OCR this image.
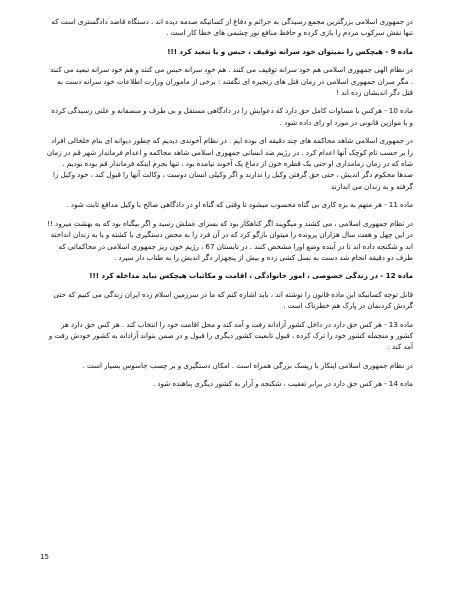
در جمهوری اسلامی بزرگترین مجمع رسیدگی به جرائم و دفاع از کسانیکه صدمه دیده اند ، دستگاه قاضد دادگستری است که تنها نقش سرکوب مردم را بازی کرده و حافظ منافع نور چشمی های خطا کار است .

ماده 9 - هیچکس را نمیتوان خود سرانه توقیف ، حبس و یا تبعید کرد !!!

در نظام الهی جمهوری اسلامی هم خود سرانه توقیف می کنند . هم خود سرانه حبس می کنند و هم خود سرانه تبعید می کنند . مگر سران جمهوری اسلامی در زمان قتل های زنجیره ای نگفتند : برخی از ماموران وزارت اطلاعات خود سرانه دست به قتل دگر اندیشان زده اند !

ماده 10 - هرکس با مساوات کامل حق دارد که دعوایش را در دادگاهی مستقل و بی طرف و منصفانه و علنی رسیدگی کرده و با موازین قانونی در مورد او رای داده شود .

در جمهوری اسلامی شاهد محاکمه های چند دقیقه ای بوده ایم . در نظام آخوندی دیدیم که چطور دیوانه ای بنام خلخالی افراد را بر حسب تام کوچک آنها اعدام کرد . در رژیم ضد انسانی جمهوری اسلامی شاهد محاکمه و اعدام فرماندار شهر قم در زمان شاه که در زمان زمامداری او حتی یک قطره خون از دماغ یک آخوند نیامده بود ، تنها بجرم اینکه فرماندار قم بوده بودیم . صدها محکوم دگر اندیش ، حتی حق گرفتن وکیل را ندارند و اگر وکیلی انسان دوست ، وکالت آنها را قبول کند ، خود وکیل را گرفته و به زندان می اندازند

ماده 11 - هر متهم به بزه کاری بی گناه محسوب میشود تا وقتی که گناه او در دادگاهی صالح با وکیل مدافع ثابت شود .

در نظام جمهوری اسلامی ، می کشند و میگویند اگر کناهکار بود که بسزای عملش رسید و اگر بیگناه بود که به بهشت میرود !! در این چهل و هفت سال هزاران پرونده را میتوان بازگو کرد که در آن فرد را به محض دستگیری یا کشته و یا به زندان انداخته اند و شکنجه داده اند تا در آینده وضع اورا مشخص کنند . در تابستان 67 ، رژیم خون ریز جمهوری اسلامی در محاکماتی که طرف دو دقیقه انجام شد دست به نسل کشی زده و بیش از پنجهزار دگر اندیش را به طناب دار سپرد .

ماده 12 - در زندگی خصوصی ، امور خانوادگی ، اقامت و مکاتبات هیچکس نباید مداخله کرد !!!

قابل توجه کسانیکه این ماده قانون را نوشته اند ، باید اشاره کنم که ما در سرزمین اسلام زده ایران زندگی می کنیم که حتی گردش کردنمان در پارک هم خطرناک است .

ماده 13 - هر کس حق دارد در داخل کشور آزادانه رفت و آمد کند و محل اقامت خود را انتخاب کند . هر کس حق دارد هر کشور و منجمله کشور خود را ترک کرده ، قبول تابعیت کشور دیگری را قبول و در ضمن بتواند آزادانه به کشور خودش رفت و آمد کند .

در نظام جمهوری اسلامی اینکار با ریسک بزرگی همراه است . امکان دستگیری و بر چسب جاسوس بسیار است .

ماده 14 - هر کس حق دارد در برابر تعقیب ، شکنجه و آزار به کشور دیگری پناهنده شود .

15
